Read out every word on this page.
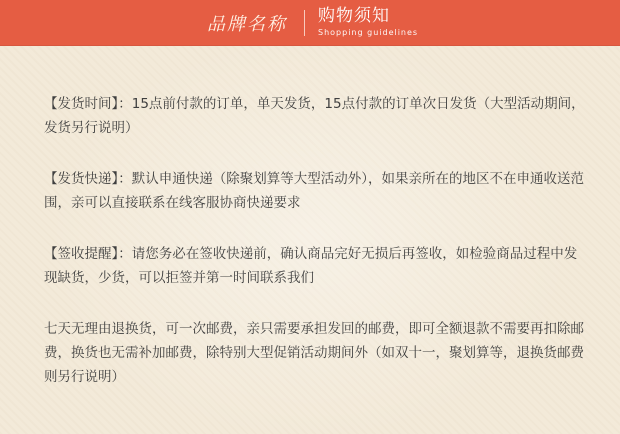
品牌名称 购物须知
Shopping guidelines

【发货时间】：15点前付款的订单，单天发货，15点付款的订单次日发货（大型活动期间，发货另行说明）

【发货快递】：默认申通快递（除聚划算等大型活动外），如果亲所在的地区不在申通收送范围，亲可以直接联系在线客服协商快递要求

【签收提醒】：请您务必在签收快递前，确认商品完好无损后再签收，如检验商品过程中发现缺货，少货，可以拒签并第一时间联系我们

七天无理由退换货，可一次邮费，亲只需要承担发回的邮费，即可全额退款不需要再扣除邮费，换货也无需补加邮费，除特别大型促销活动期间外（如双十一，聚划算等，退换货邮费则另行说明）
